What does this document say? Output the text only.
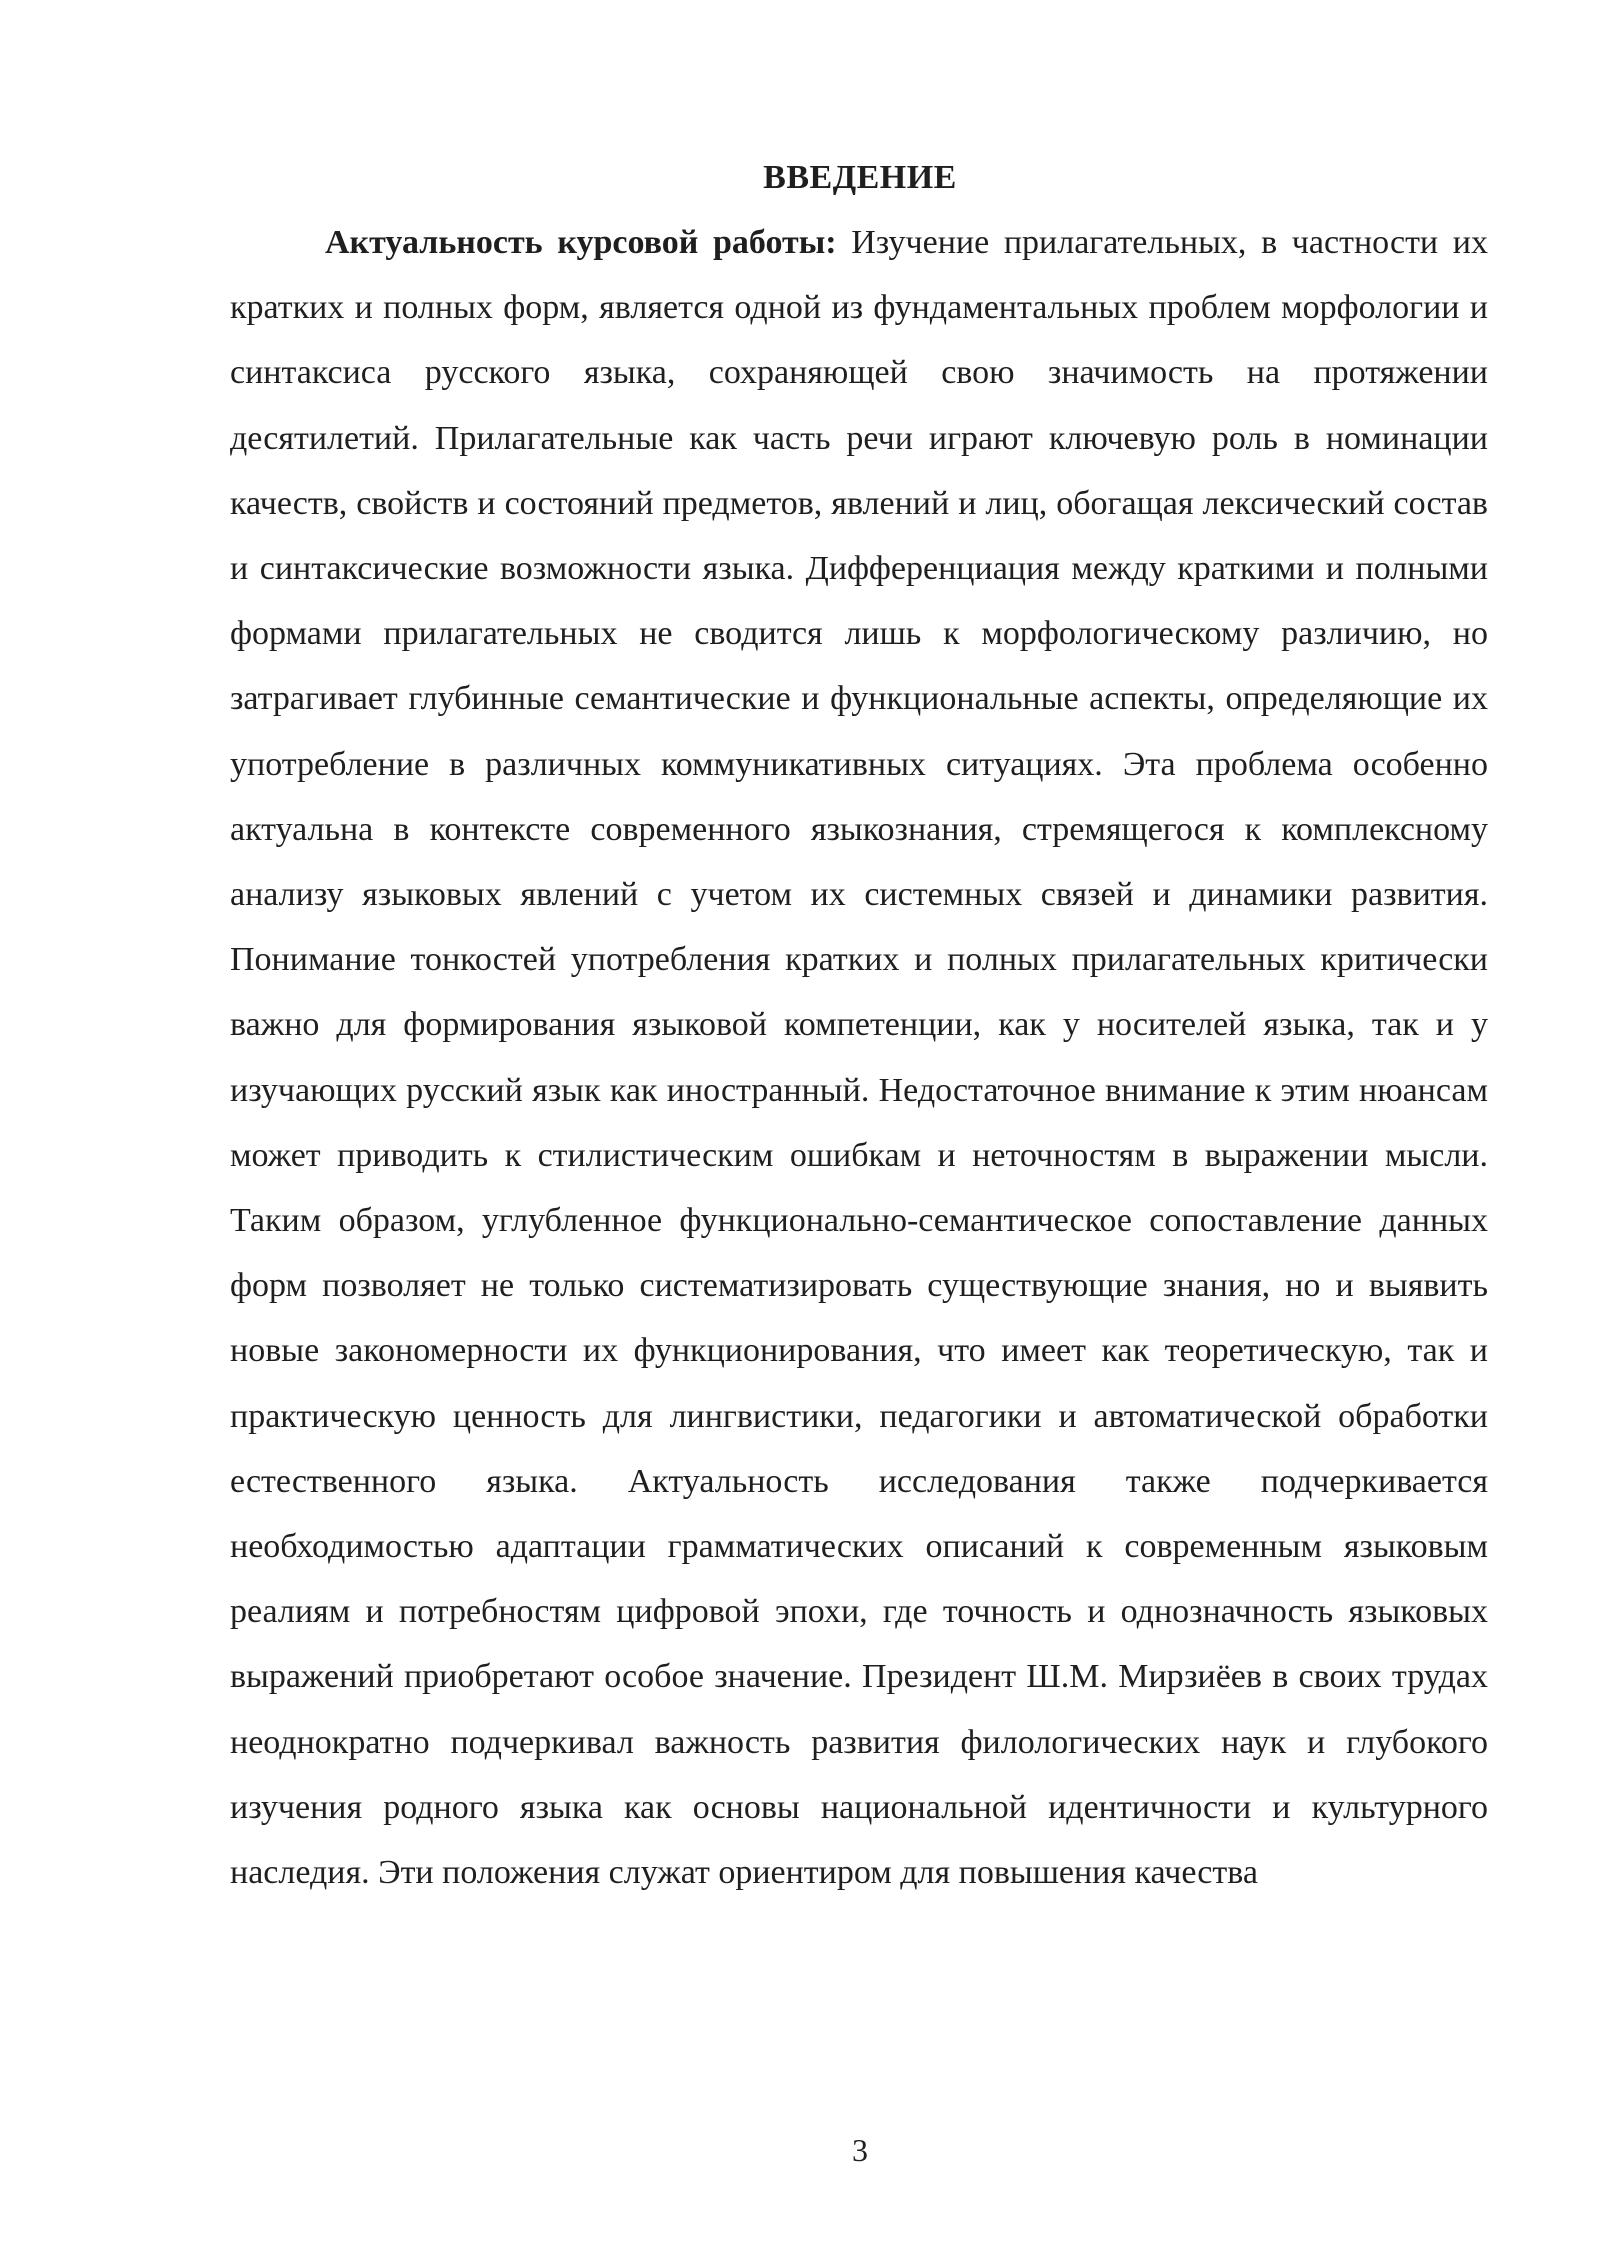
ВВЕДЕНИЕ

Актуальность курсовой работы: Изучение прилагательных, в частности их кратких и полных форм, является одной из фундаментальных проблем морфологии и синтаксиса русского языка, сохраняющей свою значимость на протяжении десятилетий. Прилагательные как часть речи играют ключевую роль в номинации качеств, свойств и состояний предметов, явлений и лиц, обогащая лексический состав и синтаксические возможности языка. Дифференциация между краткими и полными формами прилагательных не сводится лишь к морфологическому различию, но затрагивает глубинные семантические и функциональные аспекты, определяющие их употребление в различных коммуникативных ситуациях. Эта проблема особенно актуальна в контексте современного языкознания, стремящегося к комплексному анализу языковых явлений с учетом их системных связей и динамики развития. Понимание тонкостей употребления кратких и полных прилагательных критически важно для формирования языковой компетенции, как у носителей языка, так и у изучающих русский язык как иностранный. Недостаточное внимание к этим нюансам может приводить к стилистическим ошибкам и неточностям в выражении мысли. Таким образом, углубленное функционально-семантическое сопоставление данных форм позволяет не только систематизировать существующие знания, но и выявить новые закономерности их функционирования, что имеет как теоретическую, так и практическую ценность для лингвистики, педагогики и автоматической обработки естественного языка. Актуальность исследования также подчеркивается необходимостью адаптации грамматических описаний к современным языковым реалиям и потребностям цифровой эпохи, где точность и однозначность языковых выражений приобретают особое значение. Президент Ш.М. Мирзиёев в своих трудах неоднократно подчеркивал важность развития филологических наук и глубокого изучения родного языка как основы национальной идентичности и культурного наследия. Эти положения служат ориентиром для повышения качества

3
